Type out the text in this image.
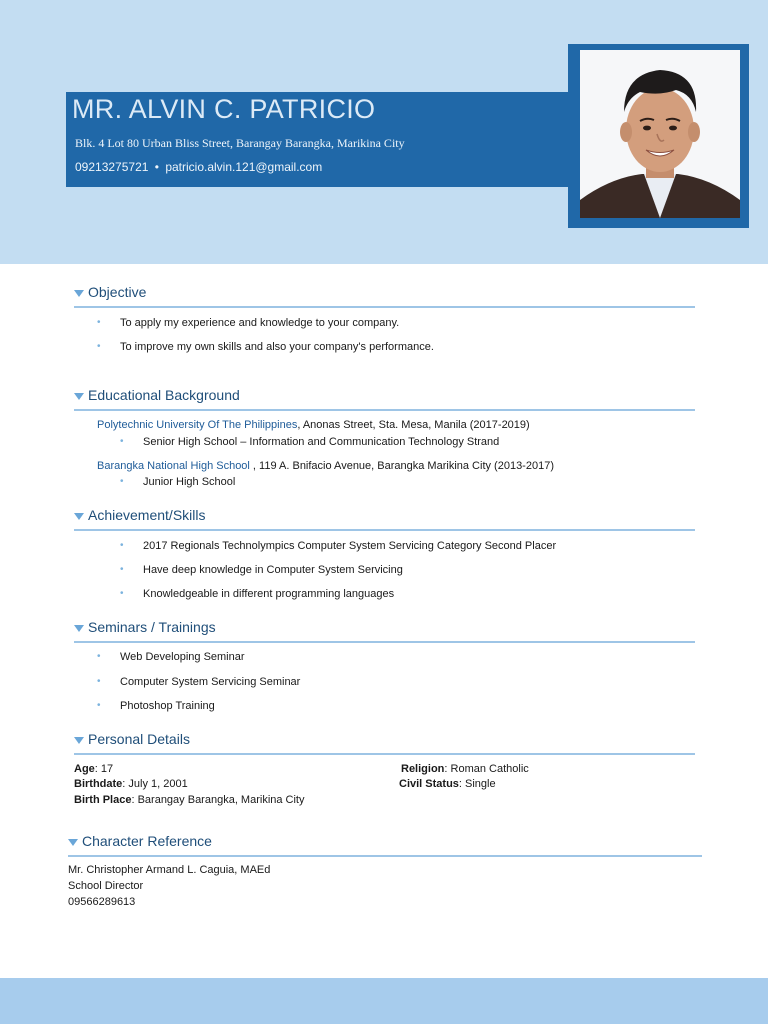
MR. ALVIN C. PATRICIO
Blk. 4 Lot 80 Urban Bliss Street, Barangay Barangka, Marikina City
09213275721 • patricio.alvin.121@gmail.com
Objective
• To apply my experience and knowledge to your company.
• To improve my own skills and also your company's performance.
Educational Background
Polytechnic University Of The Philippines, Anonas Street, Sta. Mesa, Manila (2017-2019)
• Senior High School – Information and Communication Technology Strand
Barangka National High School , 119 A. Bnifacio Avenue, Barangka Marikina City (2013-2017)
• Junior High School
Achievement/Skills
• 2017 Regionals Technolympics Computer System Servicing Category Second Placer
• Have deep knowledge in Computer System Servicing
• Knowledgeable in different programming languages
Seminars / Trainings
• Web Developing Seminar
• Computer System Servicing Seminar
• Photoshop Training
Personal Details
Age: 17
Birthdate: July 1, 2001
Birth Place: Barangay Barangka, Marikina City
Religion: Roman Catholic
Civil Status: Single
Character Reference
Mr. Christopher Armand L. Caguia, MAEd
School Director
09566289613
